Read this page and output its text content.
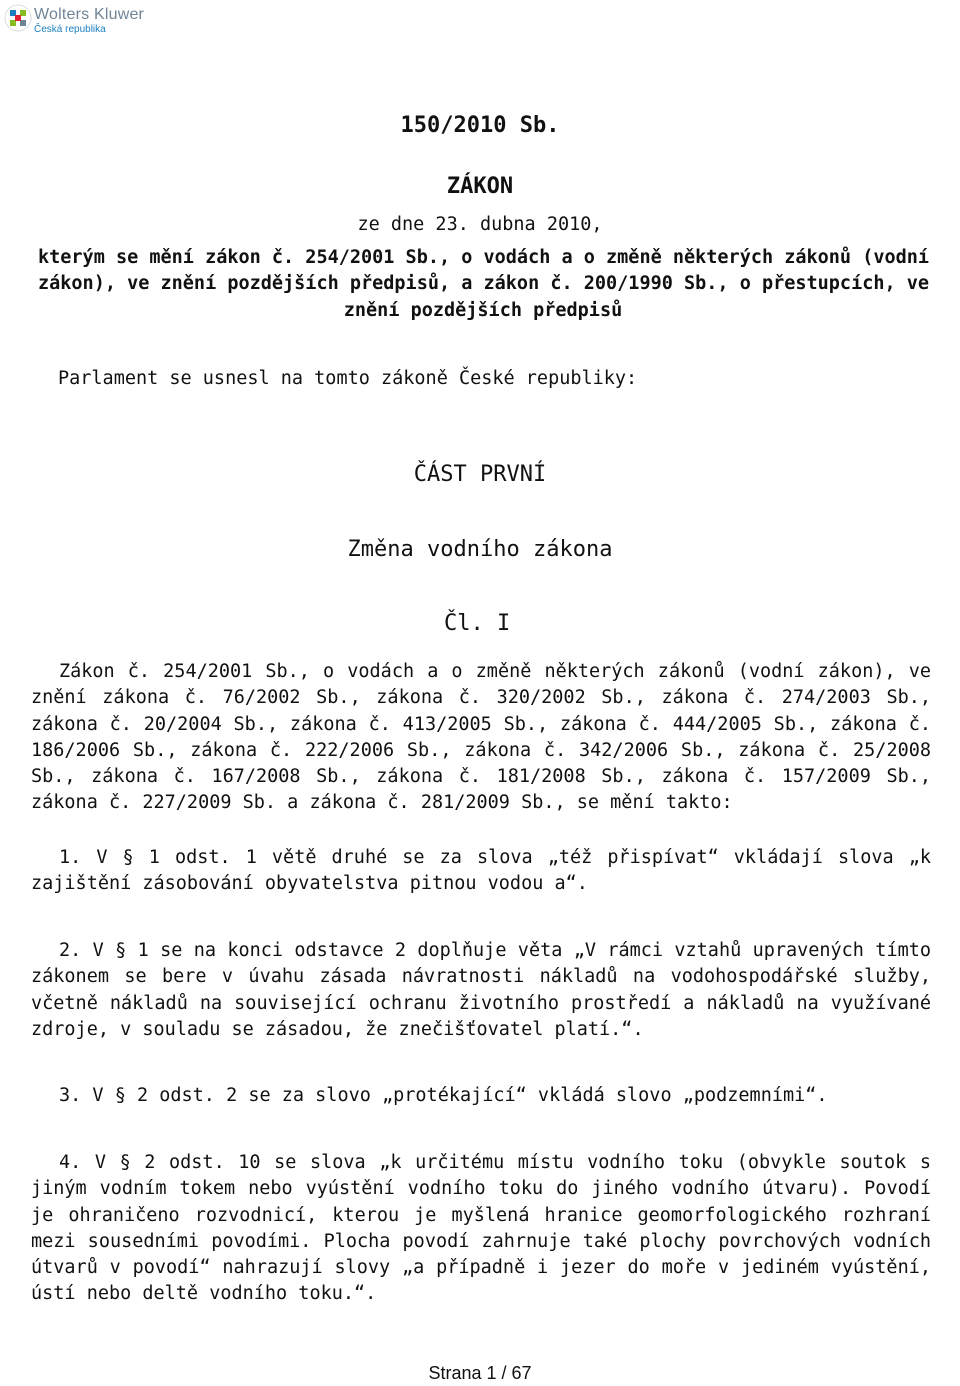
Wolters Kluwer
Česká republika
150/2010 Sb.
ZÁKON
ze dne 23. dubna 2010,
kterým se mění zákon č. 254/2001 Sb., o vodách a o změně některých zákonů (vodní
zákon), ve znění pozdějších předpisů, a zákon č. 200/1990 Sb., o přestupcích, ve
znění pozdějších předpisů
Parlament se usnesl na tomto zákoně České republiky:
ČÁST PRVNÍ
Změna vodního zákona
Čl. I
Zákon č. 254/2001 Sb., o vodách a o změně některých zákonů (vodní zákon), ve
znění zákona č. 76/2002 Sb., zákona č. 320/2002 Sb., zákona č. 274/2003 Sb.,
zákona č. 20/2004 Sb., zákona č. 413/2005 Sb., zákona č. 444/2005 Sb., zákona č.
186/2006 Sb., zákona č. 222/2006 Sb., zákona č. 342/2006 Sb., zákona č. 25/2008
Sb., zákona č. 167/2008 Sb., zákona č. 181/2008 Sb., zákona č. 157/2009 Sb.,
zákona č. 227/2009 Sb. a zákona č. 281/2009 Sb., se mění takto:
1. V § 1 odst. 1 větě druhé se za slova „též přispívat“ vkládají slova „k
zajištění zásobování obyvatelstva pitnou vodou a“.
2. V § 1 se na konci odstavce 2 doplňuje věta „V rámci vztahů upravených tímto
zákonem se bere v úvahu zásada návratnosti nákladů na vodohospodářské služby,
včetně nákladů na související ochranu životního prostředí a nákladů na využívané
zdroje, v souladu se zásadou, že znečišťovatel platí.“.
3. V § 2 odst. 2 se za slovo „protékající“ vkládá slovo „podzemními“.
4. V § 2 odst. 10 se slova „k určitému místu vodního toku (obvykle soutok s
jiným vodním tokem nebo vyústění vodního toku do jiného vodního útvaru). Povodí
je ohraničeno rozvodnicí, kterou je myšlená hranice geomorfologického rozhraní
mezi sousedními povodími. Plocha povodí zahrnuje také plochy povrchových vodních
útvarů v povodí“ nahrazují slovy „a případně i jezer do moře v jediném vyústění,
ústí nebo deltě vodního toku.“.
Strana 1 / 67
